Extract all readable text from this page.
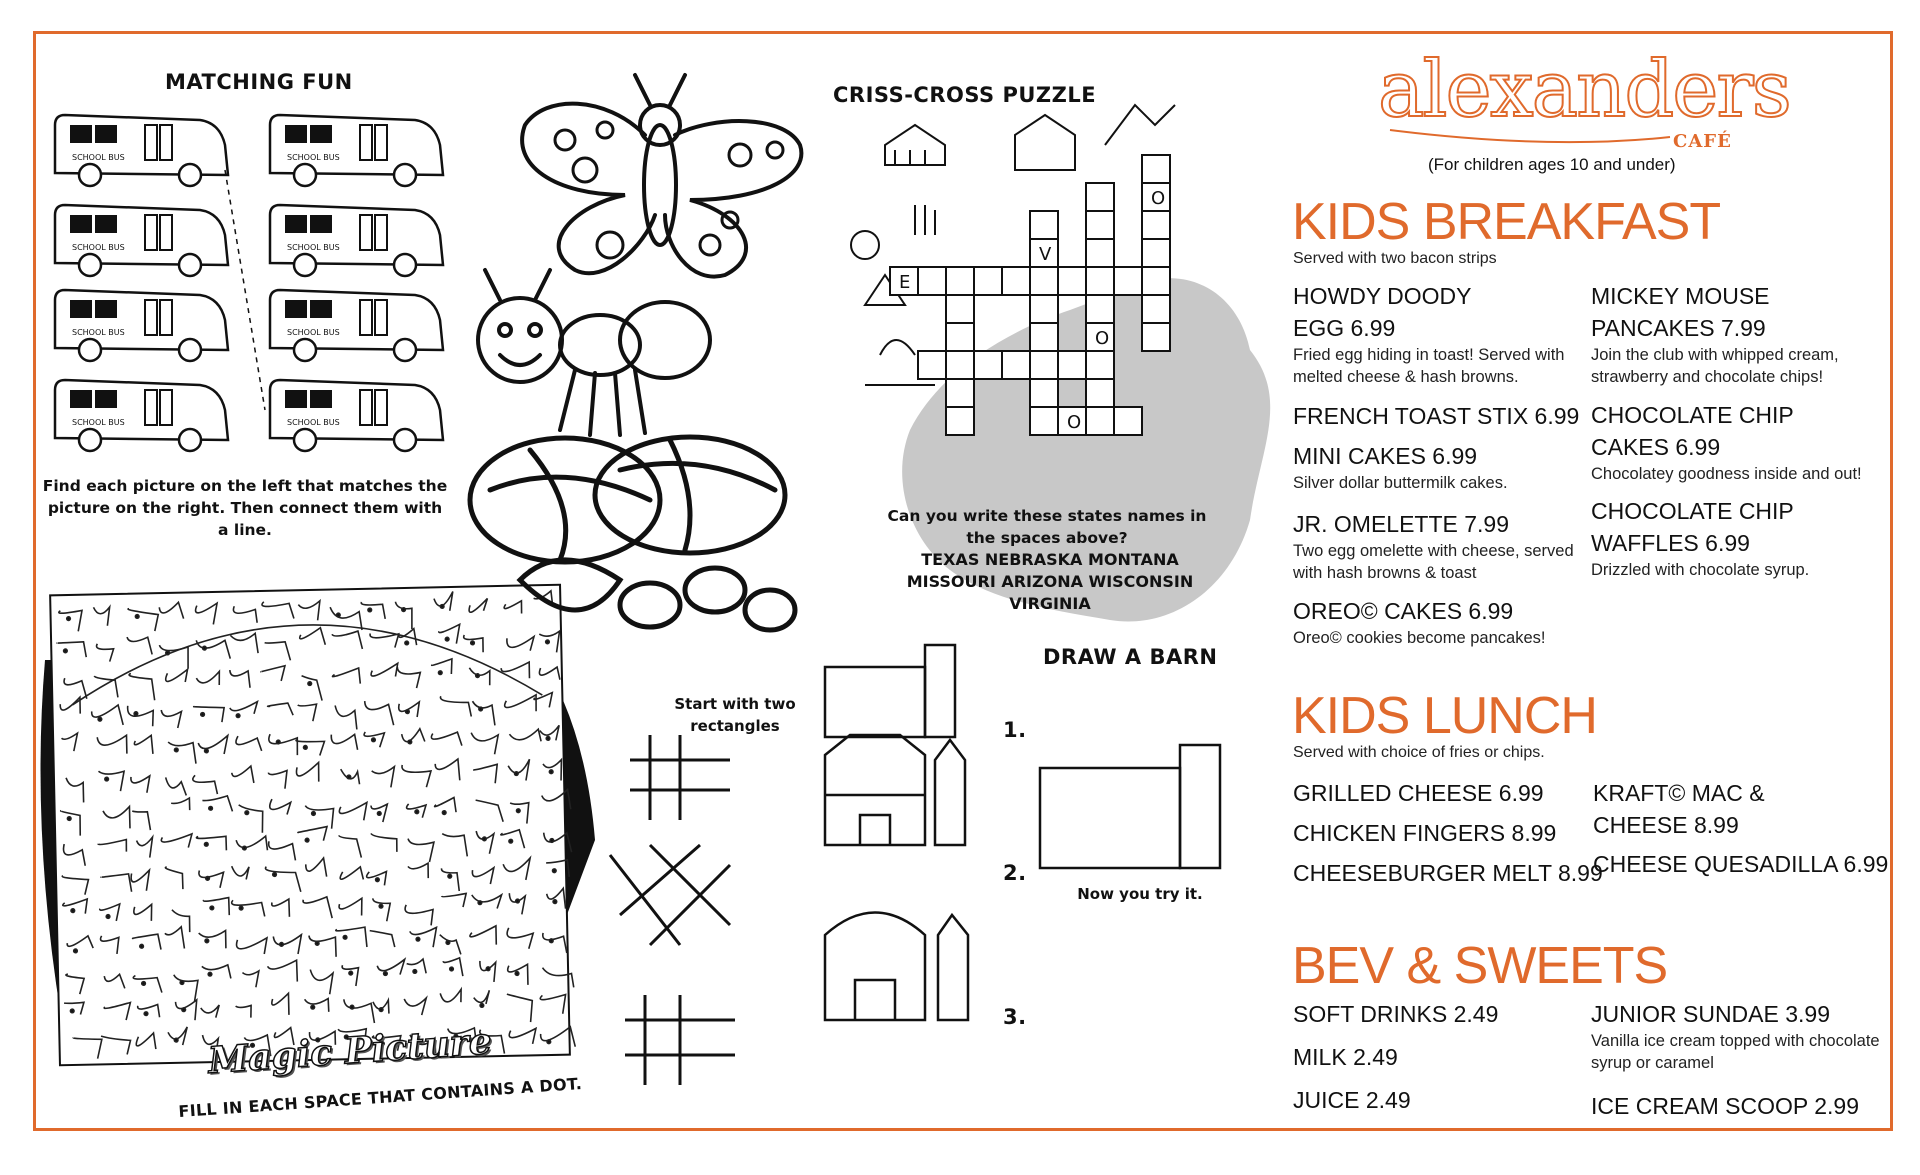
MATCHING FUN
SCHOOL BUS	SCHOOL BUS
SCHOOL BUS	SCHOOL BUS
SCHOOL BUS	SCHOOL BUS
SCHOOL BUS	SCHOOL BUS
Find each picture on the left that matches the picture on the right. Then connect them with a line.
Magic Picture
FILL IN EACH SPACE THAT CONTAINS A DOT.
CRISS-CROSS PUZZLE
V
E
O
O
O
Can you write these states names in the spaces above?
TEXAS NEBRASKA MONTANA
MISSOURI ARIZONA WISCONSIN
VIRGINIA
DRAW A BARN
Start with two rectangles	1.
2.
3.
Now you try it.
alexanders
CAFÉ
(For children ages 10 and under)
KIDS BREAKFAST
Served with two bacon strips
HOWDY DOODY
EGG 6.99
Fried egg hiding in toast! Served with melted cheese & hash browns.
FRENCH TOAST STIX 6.99
MINI CAKES 6.99
Silver dollar buttermilk cakes.
JR. OMELETTE 7.99
Two egg omelette with cheese, served with hash browns & toast
OREO© CAKES 6.99
Oreo© cookies become pancakes!
MICKEY MOUSE
PANCAKES 7.99
Join the club with whipped cream, strawberry and chocolate chips!
CHOCOLATE CHIP
CAKES 6.99
Chocolatey goodness inside and out!
CHOCOLATE CHIP
WAFFLES 6.99
Drizzled with chocolate syrup.
KIDS LUNCH
Served with choice of fries or chips.
GRILLED CHEESE 6.99
CHICKEN FINGERS 8.99
CHEESEBURGER MELT 8.99
KRAFT© MAC &
CHEESE 8.99
CHEESE QUESADILLA 6.99
BEV & SWEETS
SOFT DRINKS 2.49
MILK 2.49
JUICE 2.49
JUNIOR SUNDAE 3.99
Vanilla ice cream topped with chocolate syrup or caramel
ICE CREAM SCOOP 2.99
